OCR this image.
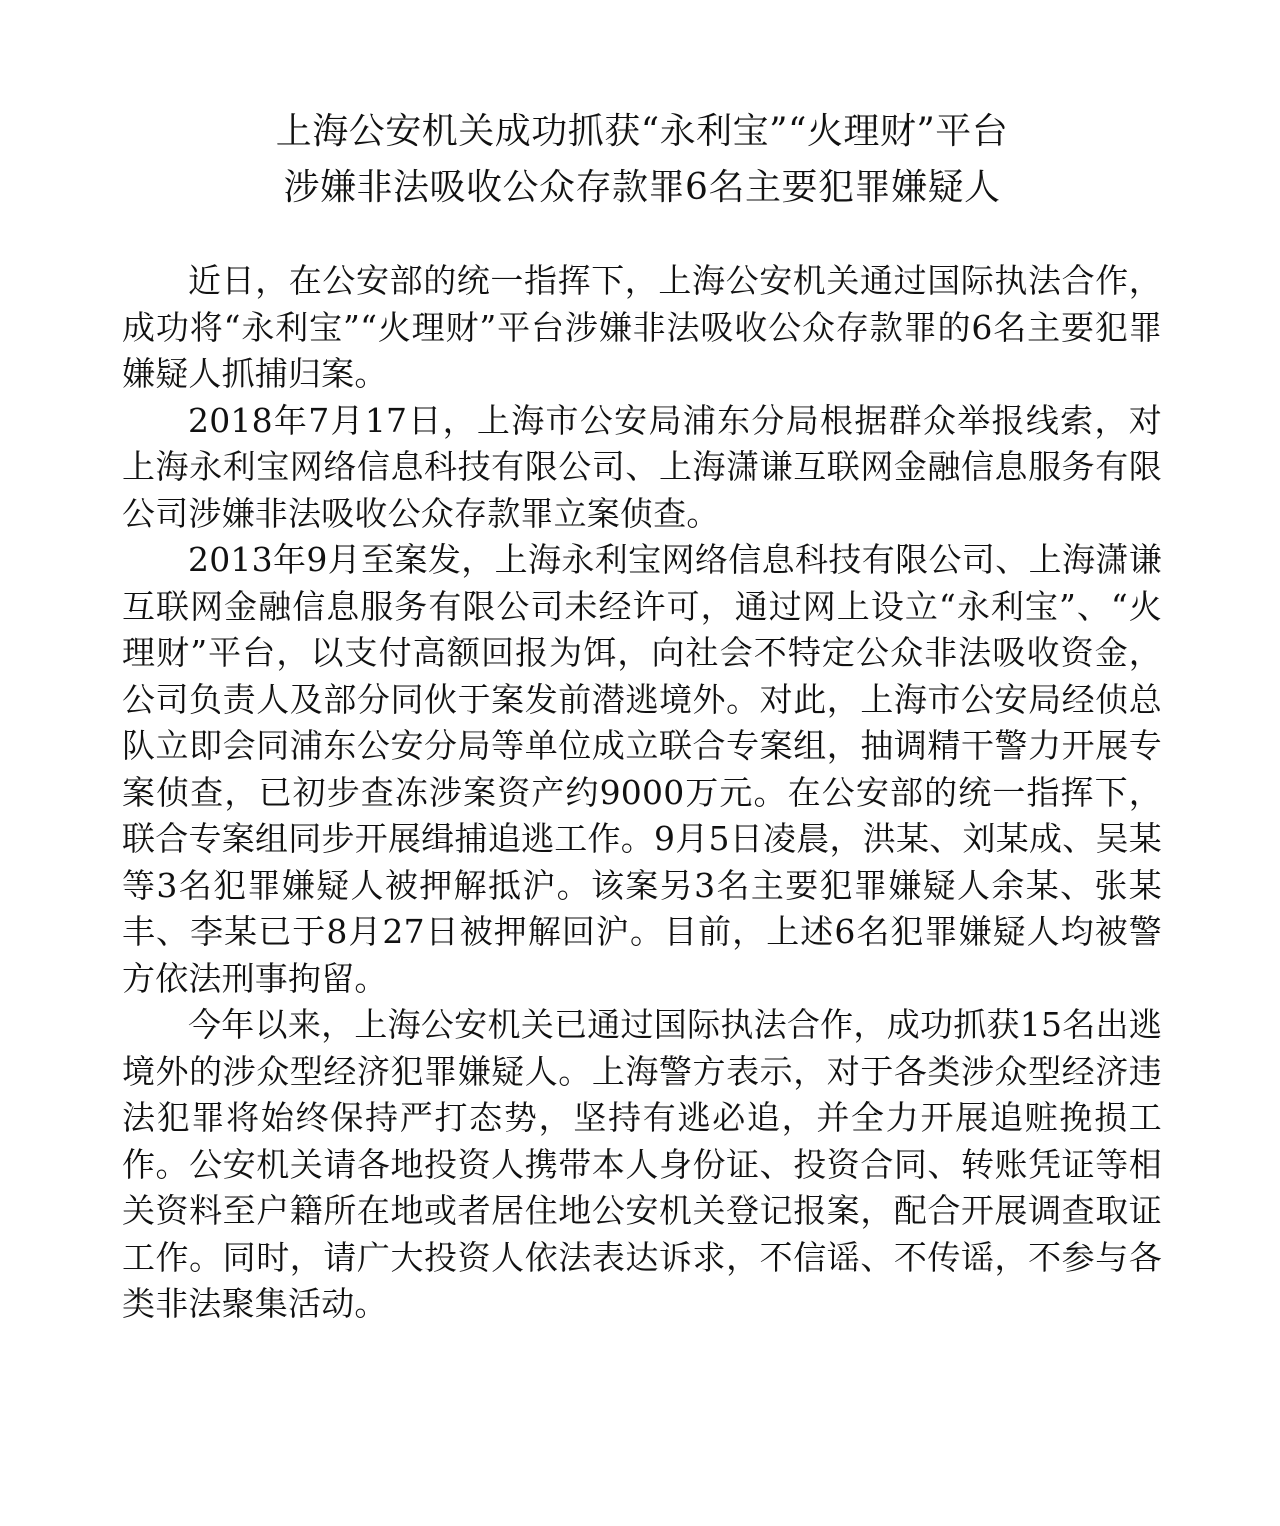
上海公安机关成功抓获“永利宝”“火理财”平台
涉嫌非法吸收公众存款罪6名主要犯罪嫌疑人

近日，在公安部的统一指挥下，上海公安机关通过国际执法合作，成功将“永利宝”“火理财”平台涉嫌非法吸收公众存款罪的6名主要犯罪嫌疑人抓捕归案。

2018年7月17日，上海市公安局浦东分局根据群众举报线索，对上海永利宝网络信息科技有限公司、上海潇谦互联网金融信息服务有限公司涉嫌非法吸收公众存款罪立案侦查。

2013年9月至案发，上海永利宝网络信息科技有限公司、上海潇谦互联网金融信息服务有限公司未经许可，通过网上设立“永利宝”、“火理财”平台，以支付高额回报为饵，向社会不特定公众非法吸收资金，公司负责人及部分同伙于案发前潜逃境外。对此，上海市公安局经侦总队立即会同浦东公安分局等单位成立联合专案组，抽调精干警力开展专案侦查，已初步查冻涉案资产约9000万元。在公安部的统一指挥下，联合专案组同步开展缉捕追逃工作。9月5日凌晨，洪某、刘某成、吴某等3名犯罪嫌疑人被押解抵沪。该案另3名主要犯罪嫌疑人余某、张某丰、李某已于8月27日被押解回沪。目前，上述6名犯罪嫌疑人均被警方依法刑事拘留。

今年以来，上海公安机关已通过国际执法合作，成功抓获15名出逃境外的涉众型经济犯罪嫌疑人。上海警方表示，对于各类涉众型经济违法犯罪将始终保持严打态势，坚持有逃必追，并全力开展追赃挽损工作。公安机关请各地投资人携带本人身份证、投资合同、转账凭证等相关资料至户籍所在地或者居住地公安机关登记报案，配合开展调查取证工作。同时，请广大投资人依法表达诉求，不信谣、不传谣，不参与各类非法聚集活动。
